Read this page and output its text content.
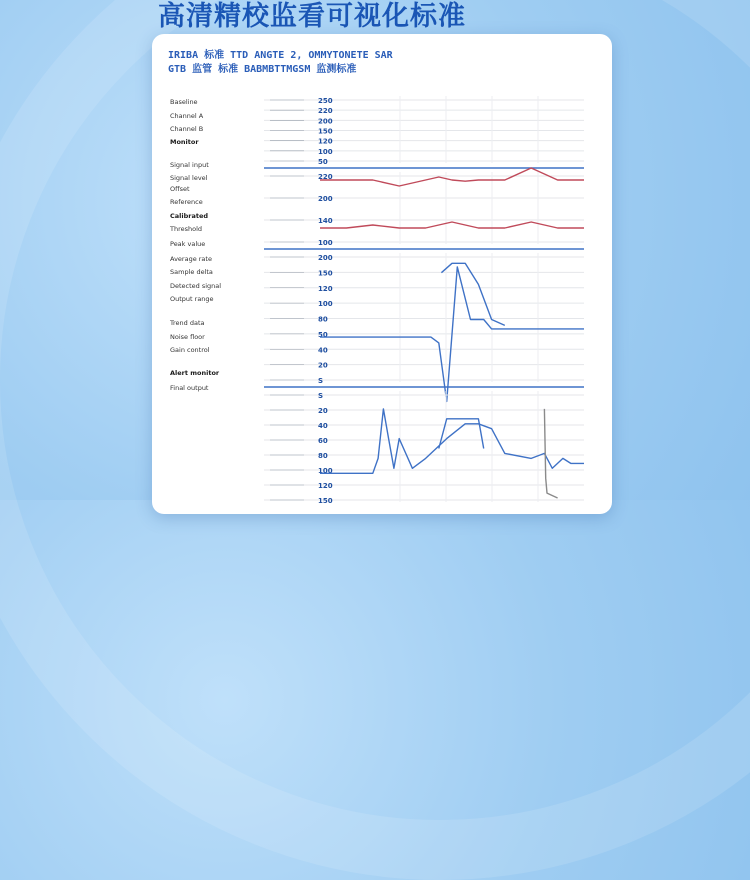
高清精校监看可视化标准

IRIBA 标准 TTD ANGTE 2, OMMYTONETE SAR

GTB 监管 标准 BABMBTTMGSM 监测标准

Baseline
Channel A
Channel B
Monitor
Signal input
Signal level
Offset
Reference
Calibrated
Threshold
Peak value
Average rate
Sample delta
Detected signal
Output range
Trend data
Noise floor
Gain control
Alert monitor
Final output
250
220
200
150
120
100
50
220
200
140
100
200
150
120
100
80
50
40
20
S
S
20
40
60
80
100
120
150
